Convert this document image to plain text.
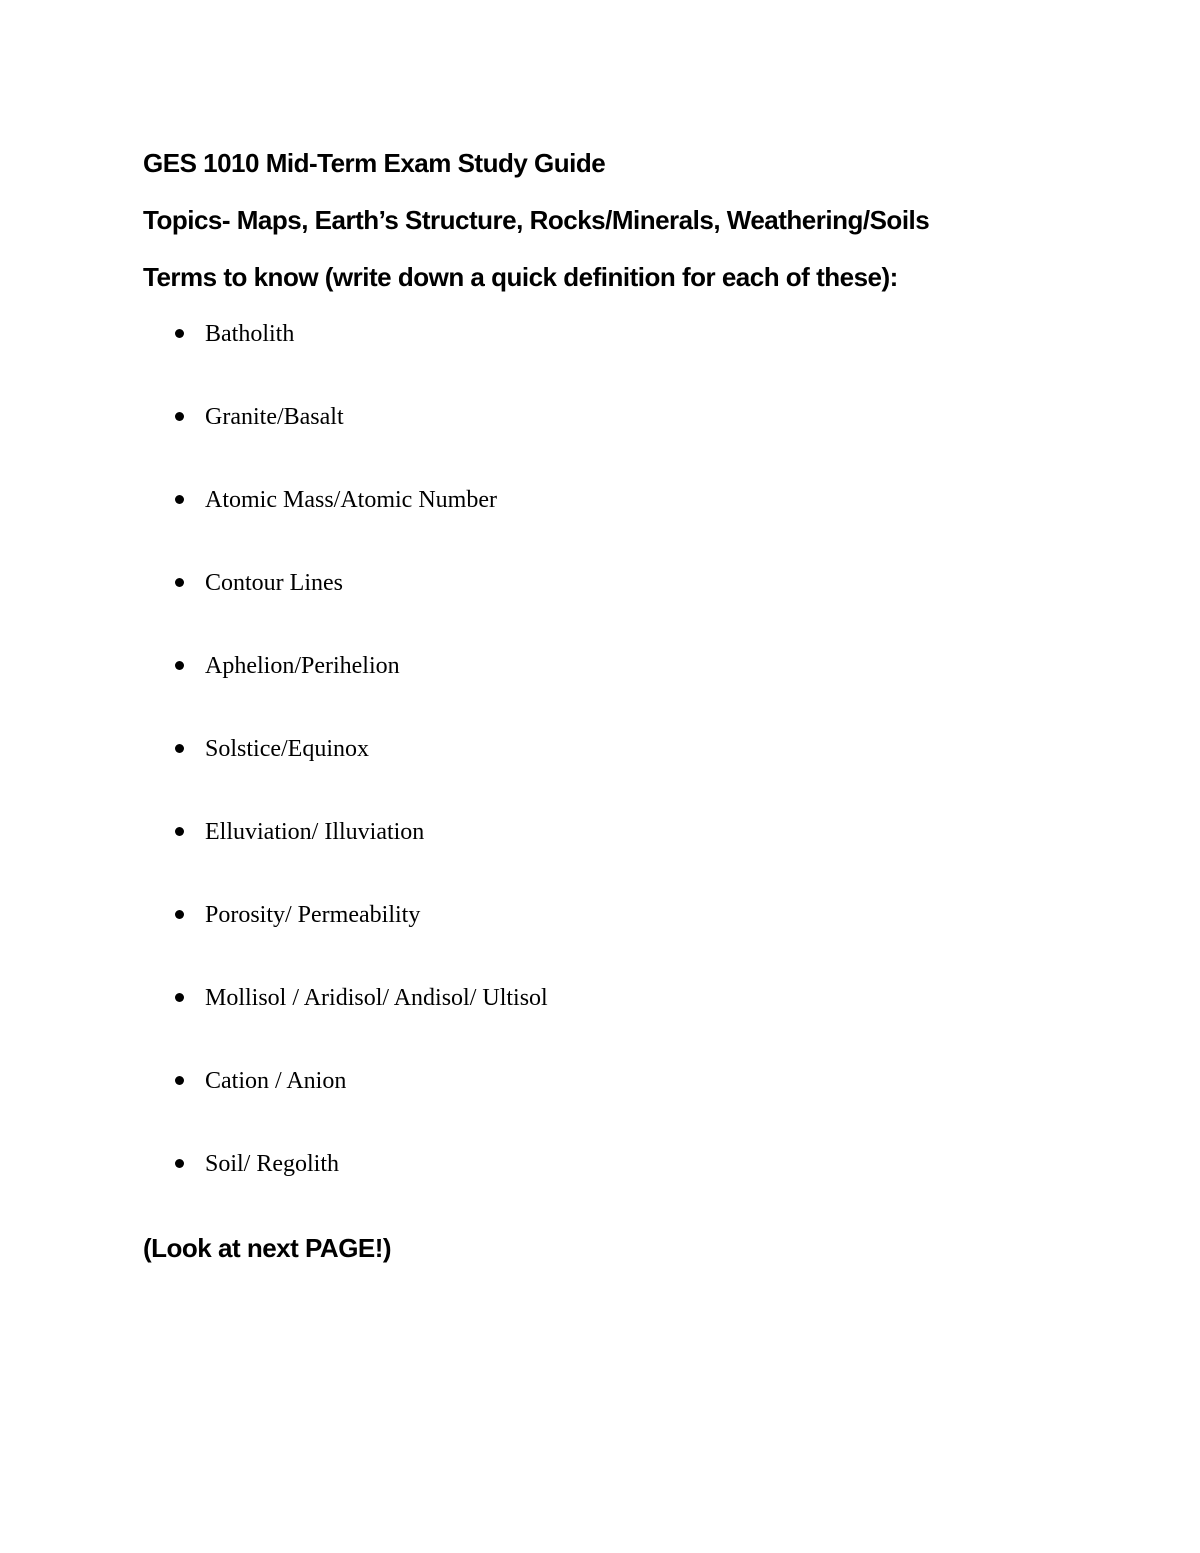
GES 1010 Mid-Term Exam Study Guide

Topics- Maps, Earth’s Structure, Rocks/Minerals, Weathering/Soils

Terms to know (write down a quick definition for each of these):

Batholith
Granite/Basalt
Atomic Mass/Atomic Number
Contour Lines
Aphelion/Perihelion
Solstice/Equinox
Elluviation/ Illuviation
Porosity/ Permeability
Mollisol / Aridisol/ Andisol/ Ultisol
Cation / Anion
Soil/ Regolith

(Look at next PAGE!)
